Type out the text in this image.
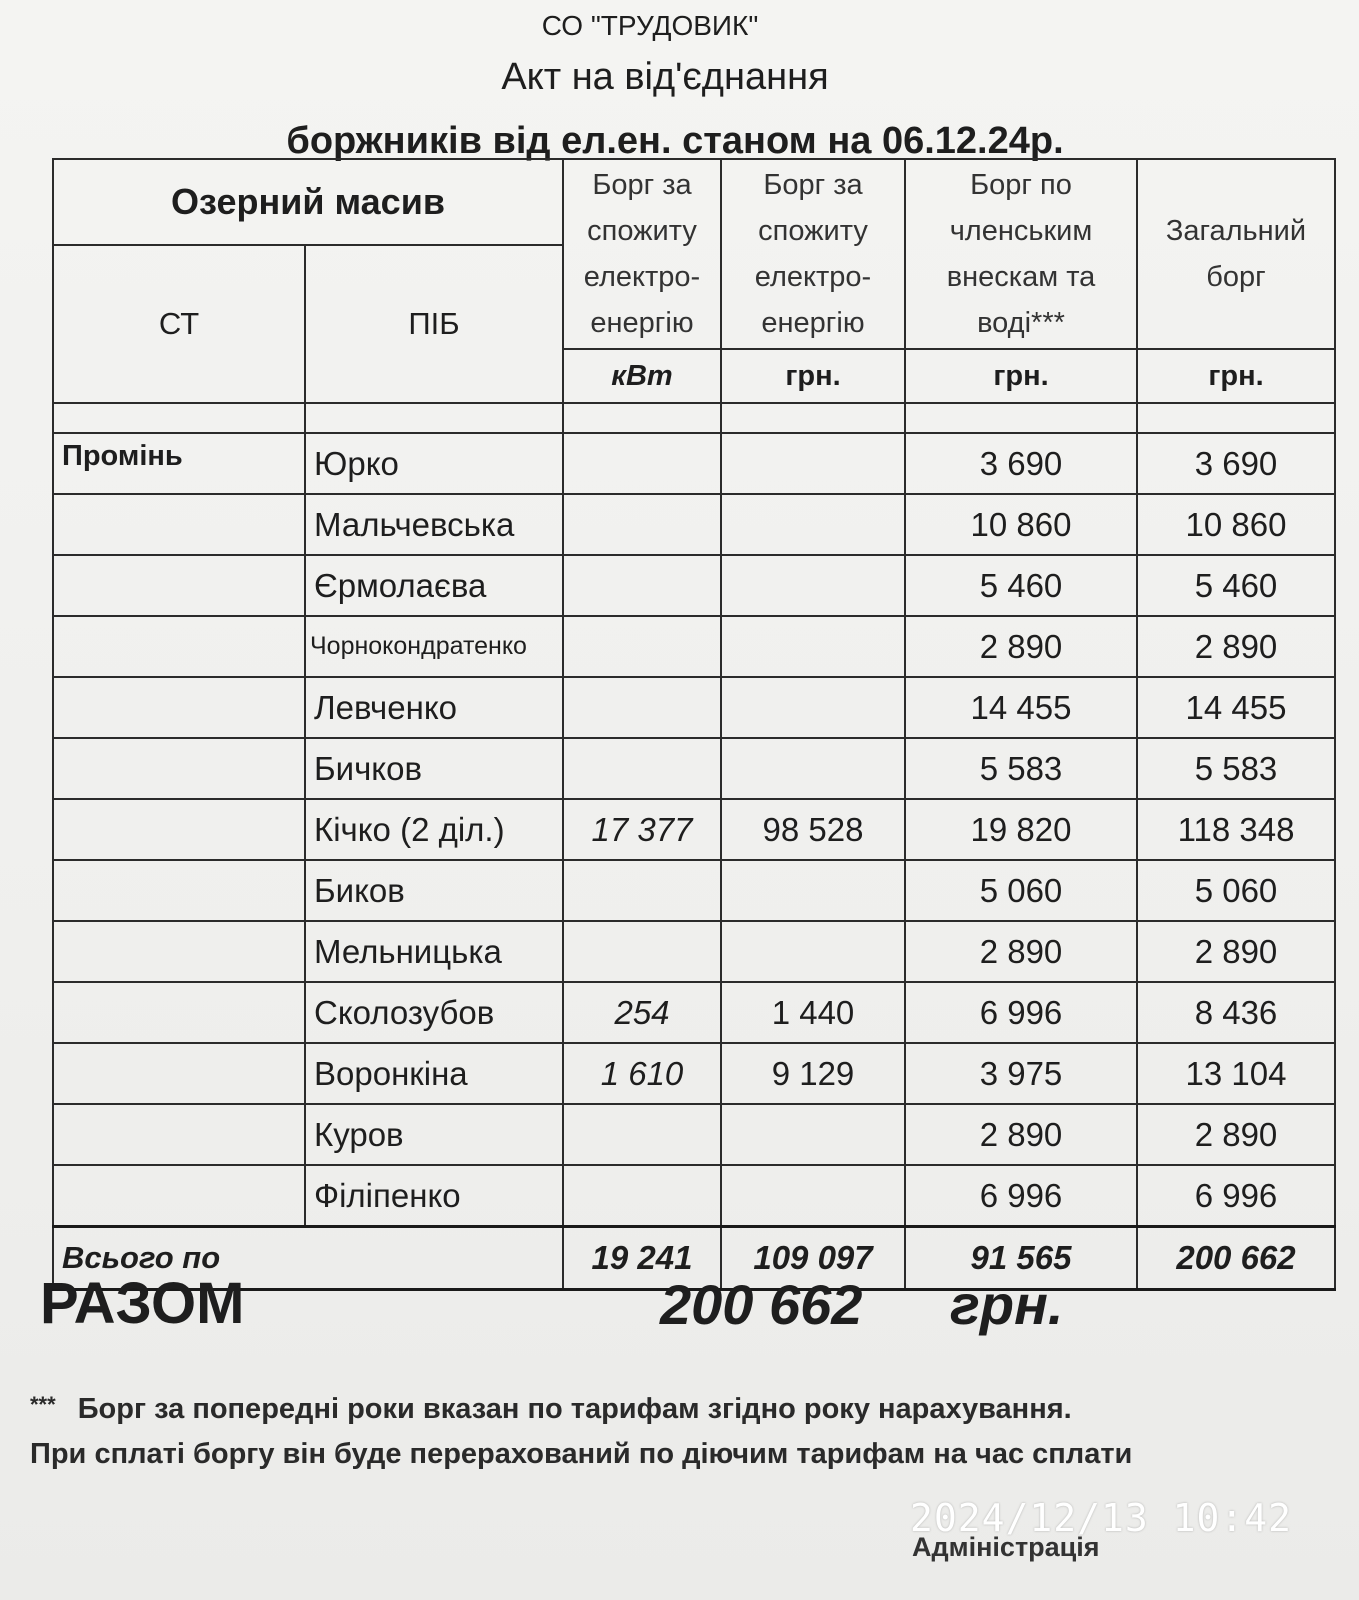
СО "ТРУДОВИК"
Акт на від'єднання
боржників від ел.ен. станом на 06.12.24р.
Озерний масив		Борг за спожиту електро-енергію	Борг за спожиту електро-енергію	Борг по членським внескам та воді***	Загальний борг
СТ	ПІБ				
		кВт	грн.	грн.	грн.

Промінь	Юрко			3 690	3 690
	Мальчевська			10 860	10 860
	Єрмолаєва			5 460	5 460
	Чорнокондратенко			2 890	2 890
	Левченко			14 455	14 455
	Бичков			5 583	5 583
	Кічко (2 діл.)	17 377	98 528	19 820	118 348
	Биков			5 060	5 060
	Мельницька			2 890	2 890
	Сколозубов	254	1 440	6 996	8 436
	Воронкіна	1 610	9 129	3 975	13 104
	Куров			2 890	2 890
	Філіпенко			6 996	6 996
Всього по		19 241	109 097	91 565	200 662
РАЗОМ	200 662 грн.
*** Борг за попередні роки вказан по тарифам згідно року нарахування.
При сплаті боргу він буде перерахований по діючим тарифам на час сплати
2024/12/13 10:42
Адміністрація
